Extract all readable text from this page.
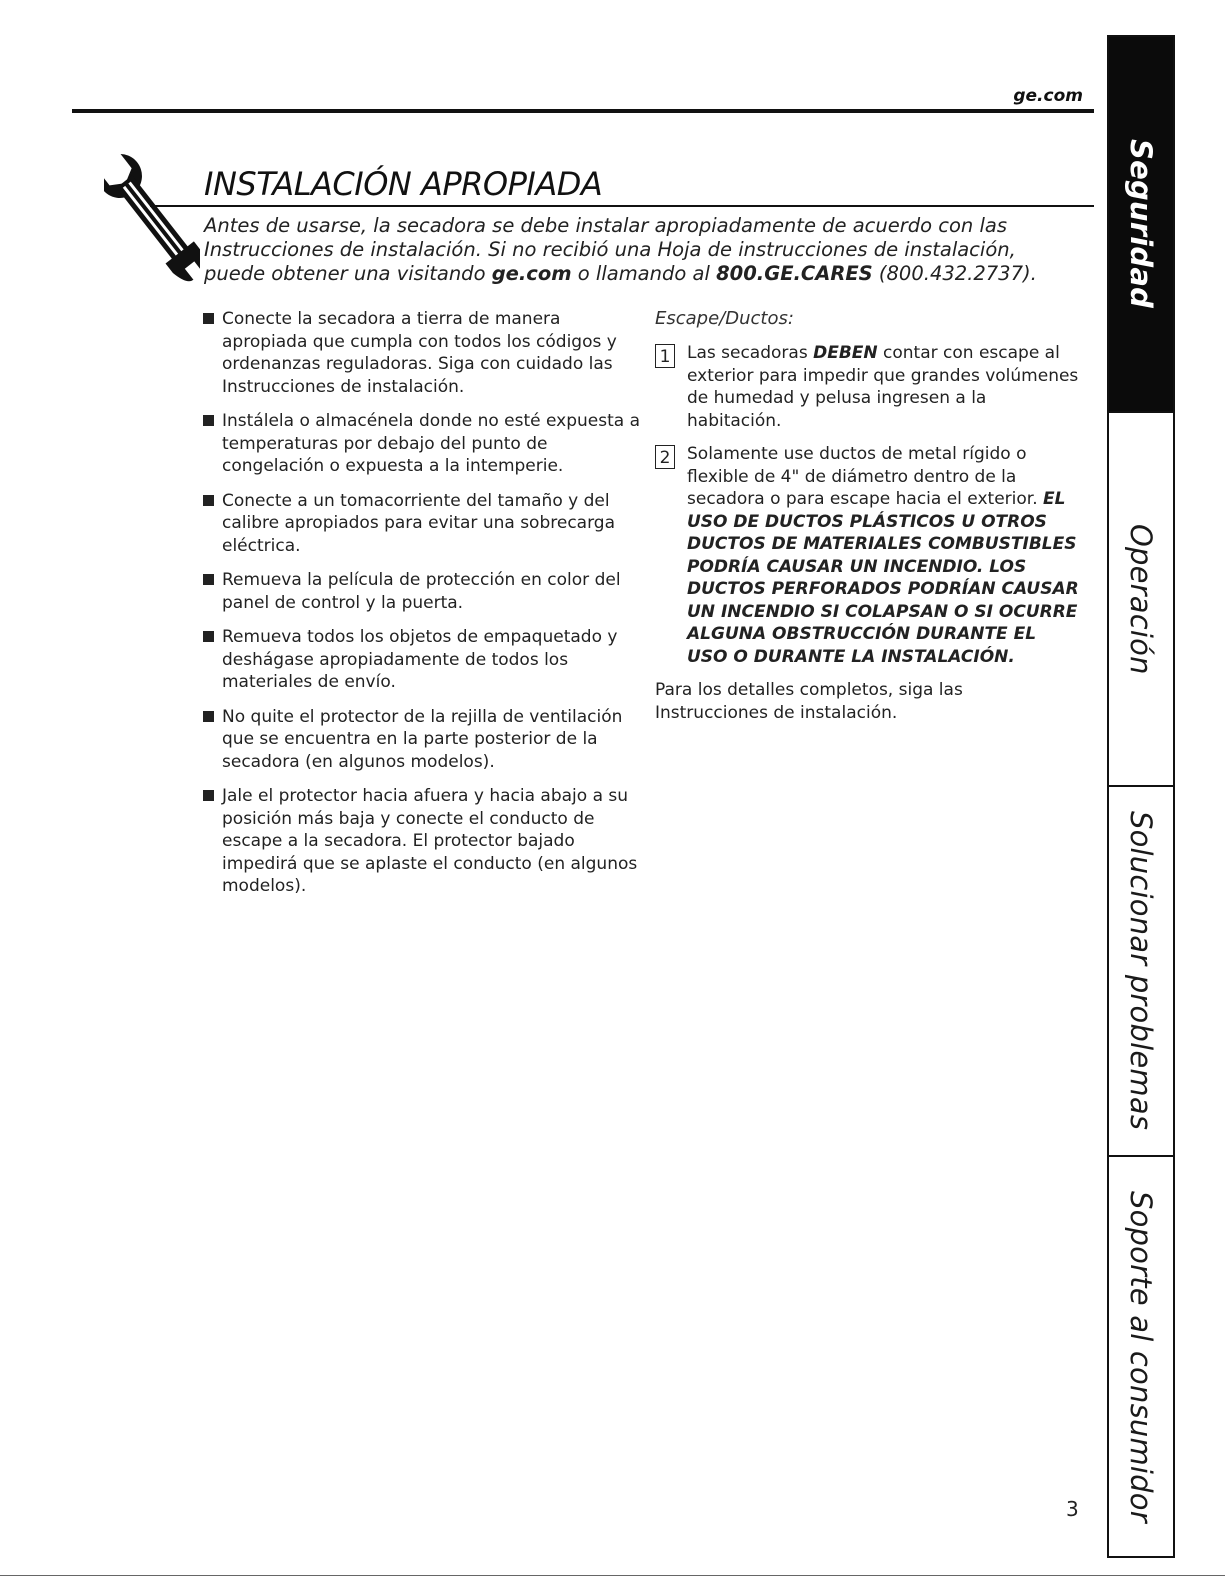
ge.com
INSTALACIÓN APROPIADA

Antes de usarse, la secadora se debe instalar apropiadamente de acuerdo con las Instrucciones de instalación. Si no recibió una Hoja de instrucciones de instalación, puede obtener una visitando ge.com o llamando al 800.GE.CARES (800.432.2737).

Conecte la secadora a tierra de manera apropiada que cumpla con todos los códigos y ordenanzas reguladoras. Siga con cuidado las Instrucciones de instalación.

Instálela o almacénela donde no esté expuesta a temperaturas por debajo del punto de congelación o expuesta a la intemperie.

Conecte a un tomacorriente del tamaño y del calibre apropiados para evitar una sobrecarga eléctrica.

Remueva la película de protección en color del panel de control y la puerta.

Remueva todos los objetos de empaquetado y deshágase apropiadamente de todos los materiales de envío.

No quite el protector de la rejilla de ventilación que se encuentra en la parte posterior de la secadora (en algunos modelos).

Jale el protector hacia afuera y hacia abajo a su posición más baja y conecte el conducto de escape a la secadora. El protector bajado impedirá que se aplaste el conducto (en algunos modelos).

Escape/Ductos:

1 Las secadoras DEBEN contar con escape al exterior para impedir que grandes volúmenes de humedad y pelusa ingresen a la habitación.

2 Solamente use ductos de metal rígido o flexible de 4" de diámetro dentro de la secadora o para escape hacia el exterior. EL USO DE DUCTOS PLÁSTICOS U OTROS DUCTOS DE MATERIALES COMBUSTIBLES PODRÍA CAUSAR UN INCENDIO. LOS DUCTOS PERFORADOS PODRÍAN CAUSAR UN INCENDIO SI COLAPSAN O SI OCURRE ALGUNA OBSTRUCCIÓN DURANTE EL USO O DURANTE LA INSTALACIÓN.

Para los detalles completos, siga las Instrucciones de instalación.

Seguridad
Operación
Solucionar problemas
Soporte al consumidor
3
